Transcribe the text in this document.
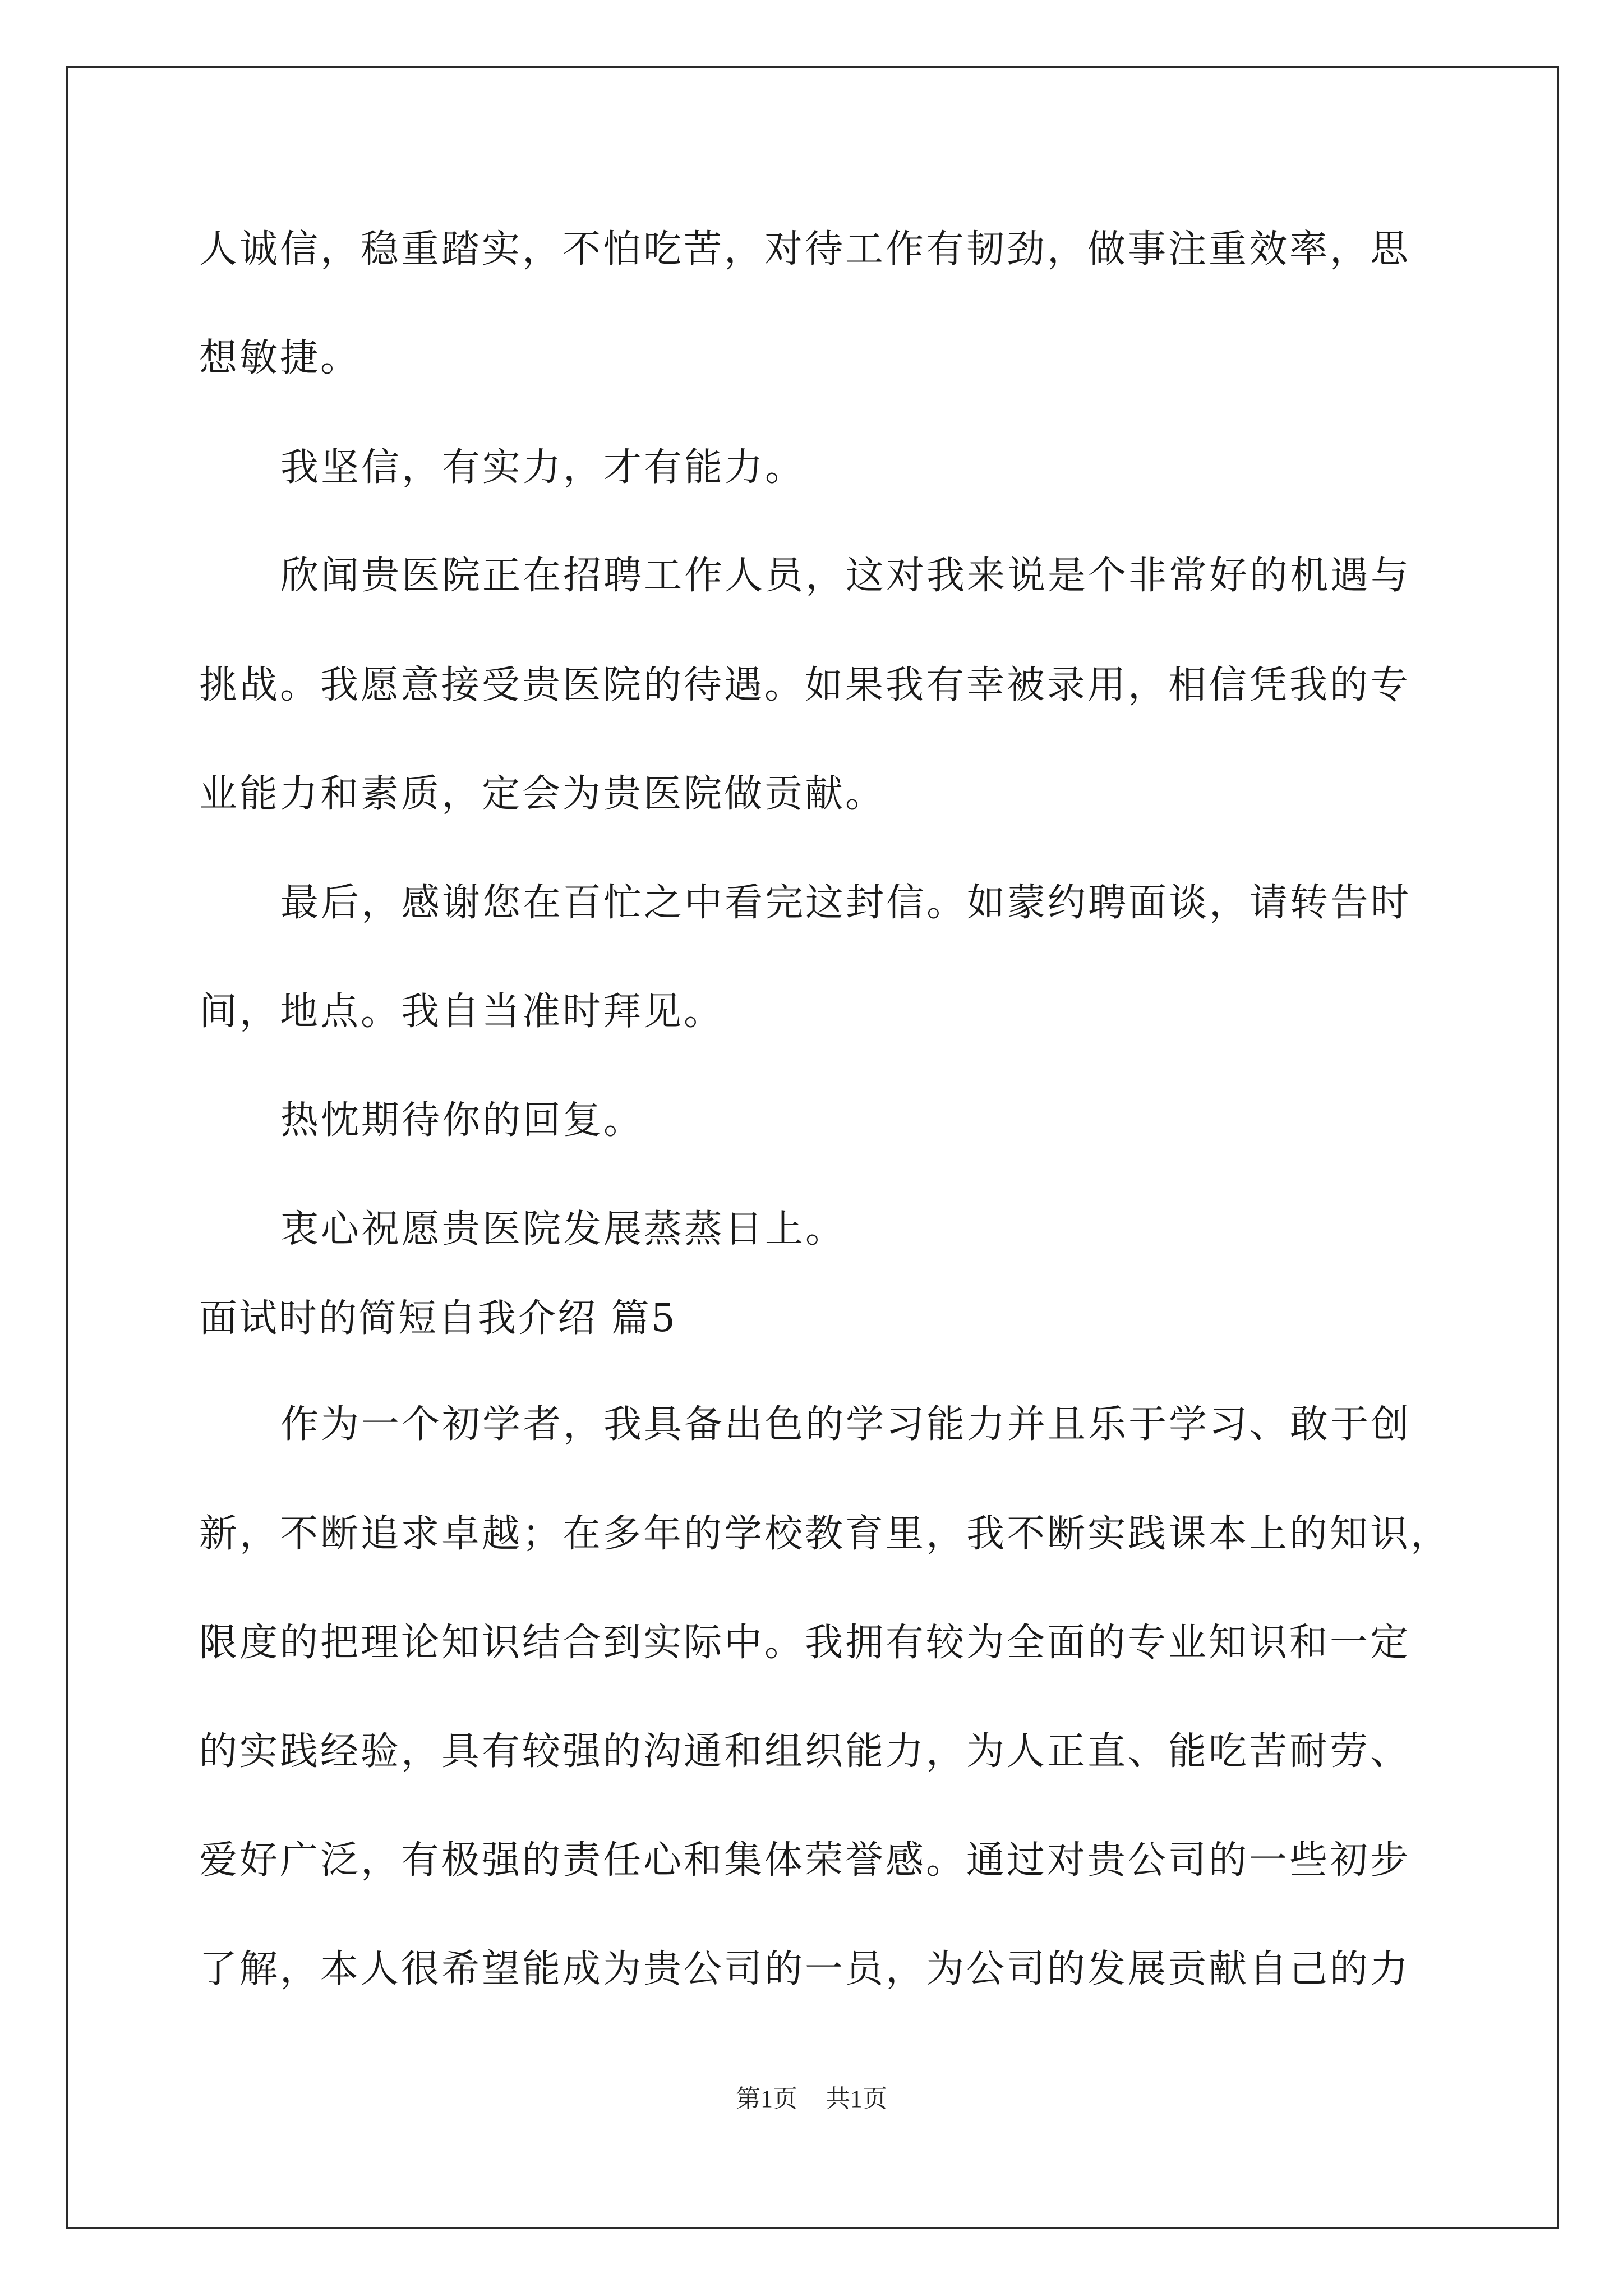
人诚信，稳重踏实，不怕吃苦，对待工作有韧劲，做事注重效率，思
想敏捷。
我坚信，有实力，才有能力。
欣闻贵医院正在招聘工作人员，这对我来说是个非常好的机遇与
挑战。我愿意接受贵医院的待遇。如果我有幸被录用，相信凭我的专
业能力和素质，定会为贵医院做贡献。
最后，感谢您在百忙之中看完这封信。如蒙约聘面谈，请转告时
间，地点。我自当准时拜见。
热忱期待你的回复。
衷心祝愿贵医院发展蒸蒸日上。
面试时的简短自我介绍 篇5
作为一个初学者，我具备出色的学习能力并且乐于学习、敢于创
新，不断追求卓越；在多年的学校教育里，我不断实践课本上的知识，
限度的把理论知识结合到实际中。我拥有较为全面的专业知识和一定
的实践经验，具有较强的沟通和组织能力，为人正直、能吃苦耐劳、
爱好广泛，有极强的责任心和集体荣誉感。通过对贵公司的一些初步
了解，本人很希望能成为贵公司的一员，为公司的发展贡献自己的力
第1页 共1页
